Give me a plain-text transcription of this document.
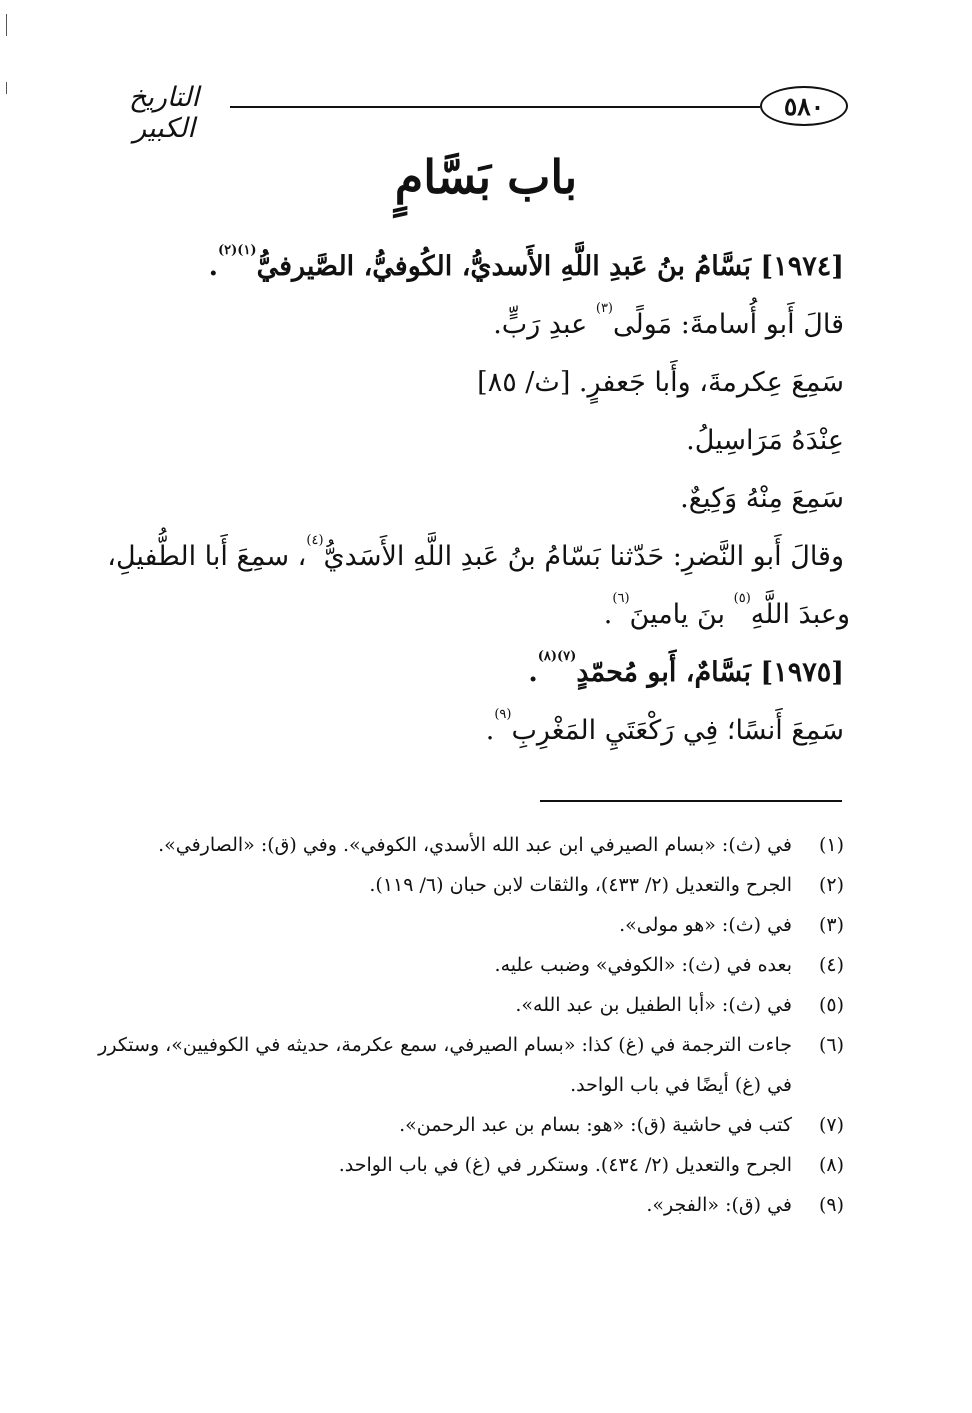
٥٨٠
التاريخ الكبير
باب بَسَّامٍ
[١٩٧٤] بَسَّامُ بنُ عَبدِ اللَّهِ الأَسديُّ، الكُوفيُّ، الصَّيرفيُّ$^{(١)(٢)}$.
قالَ أَبو أُسامةَ: مَولًى$^{(٣)}$ عبدِ رَبٍّ.
سَمِعَ عِكرمةَ، وأَبا جَعفرٍ. [ث/ ٨٥]
عِنْدَهُ مَرَاسِيلُ.
سَمِعَ مِنْهُ وَكِيعٌ.
وقالَ أَبو النَّضرِ: حَدّثنا بَسّامُ بنُ عَبدِ اللَّهِ الأَسَديُّ$^{(٤)}$، سمِعَ أَبا الطُّفيلِ،
وعبدَ اللَّهِ$^{(٥)}$ بنَ يامينَ$^{(٦)}$.
[١٩٧٥] بَسَّامٌ، أَبو مُحمّدٍ$^{(٧)(٨)}$.
سَمِعَ أَنسًا؛ فِي رَكْعَتَيِ المَغْرِبِ$^{(٩)}$.
(١)
في (ث): «بسام الصيرفي ابن عبد الله الأسدي، الكوفي». وفي (ق): «الصارفي».
(٢)
الجرح والتعديل (٢/ ٤٣٣)، والثقات لابن حبان (٦/ ١١٩).
(٣)
في (ث): «هو مولى».
(٤)
بعده في (ث): «الكوفي» وضبب عليه.
(٥)
في (ث): «أبا الطفيل بن عبد الله».
(٦)
جاءت الترجمة في (غ) كذا: «بسام الصيرفي، سمع عكرمة، حديثه في الكوفيين»، وستكرر
في (غ) أيضًا في باب الواحد.
(٧)
كتب في حاشية (ق): «هو: بسام بن عبد الرحمن».
(٨)
الجرح والتعديل (٢/ ٤٣٤). وستكرر في (غ) في باب الواحد.
(٩)
في (ق): «الفجر».
